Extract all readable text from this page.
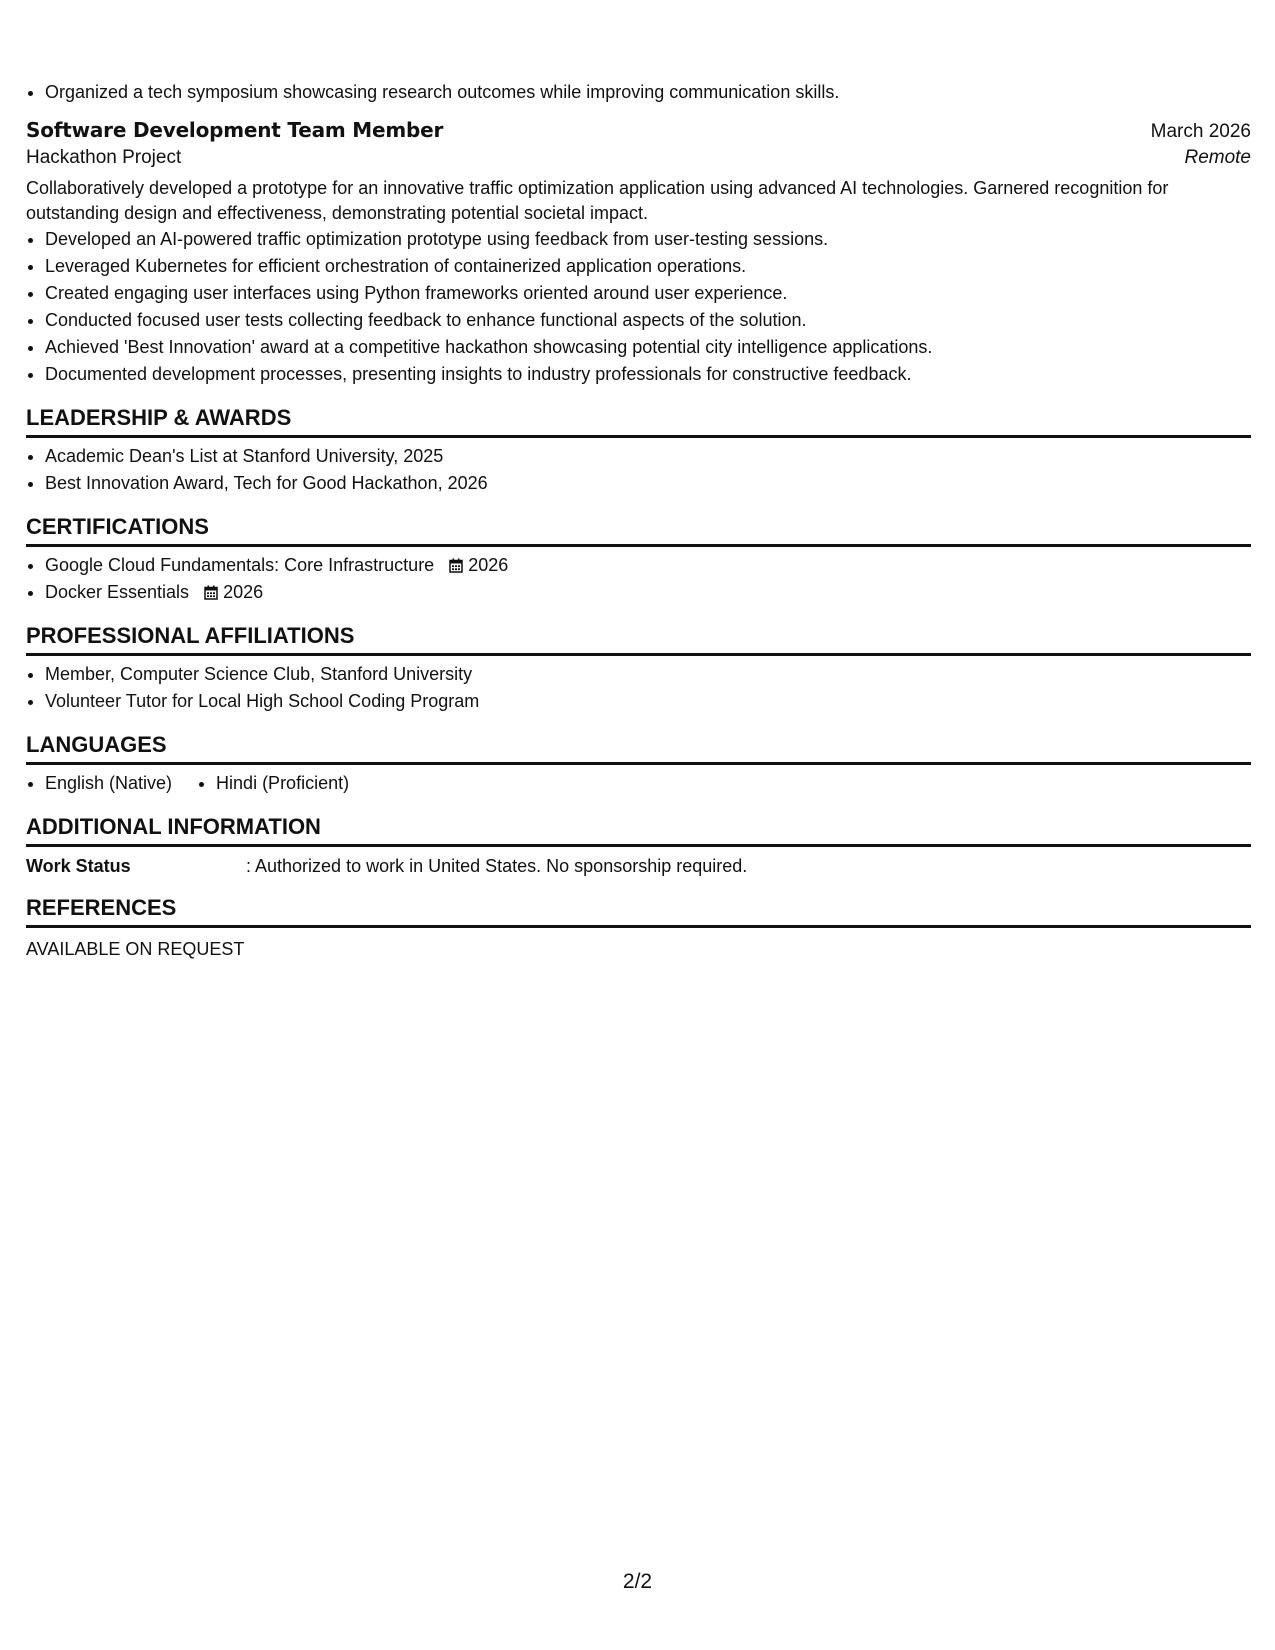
• Organized a tech symposium showcasing research outcomes while improving communication skills.
Software Development Team Member	March 2026
Hackathon Project	Remote
Collaboratively developed a prototype for an innovative traffic optimization application using advanced AI technologies. Garnered recognition for outstanding design and effectiveness, demonstrating potential societal impact.
• Developed an AI-powered traffic optimization prototype using feedback from user-testing sessions.
• Leveraged Kubernetes for efficient orchestration of containerized application operations.
• Created engaging user interfaces using Python frameworks oriented around user experience.
• Conducted focused user tests collecting feedback to enhance functional aspects of the solution.
• Achieved 'Best Innovation' award at a competitive hackathon showcasing potential city intelligence applications.
• Documented development processes, presenting insights to industry professionals for constructive feedback.
LEADERSHIP & AWARDS
• Academic Dean's List at Stanford University, 2025
• Best Innovation Award, Tech for Good Hackathon, 2026
CERTIFICATIONS
• Google Cloud Fundamentals: Core Infrastructure 2026
• Docker Essentials 2026
PROFESSIONAL AFFILIATIONS
• Member, Computer Science Club, Stanford University
• Volunteer Tutor for Local High School Coding Program
LANGUAGES
• English (Native)
• Hindi (Proficient)
ADDITIONAL INFORMATION
Work Status	: Authorized to work in United States. No sponsorship required.
REFERENCES
AVAILABLE ON REQUEST
2/2
